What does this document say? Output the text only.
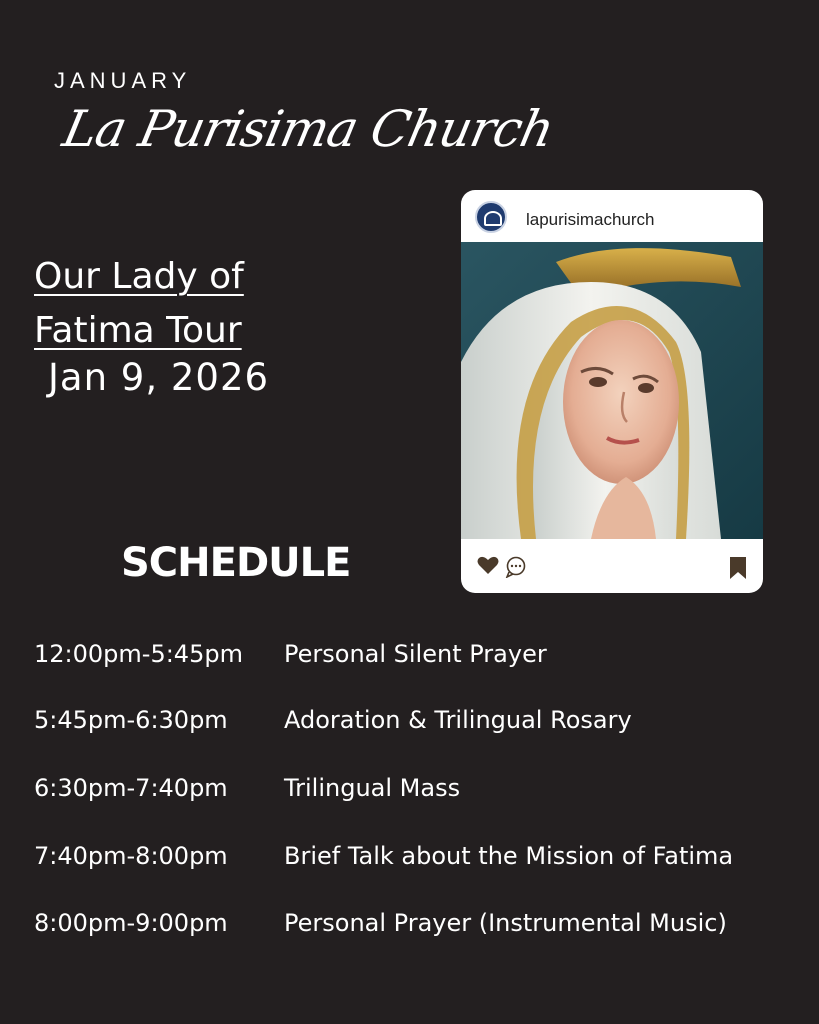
JANUARY
La Purisima Church
Our Lady of
Fatima Tour
Jan 9, 2026
lapurisimachurch
SCHEDULE
12:00pm-5:45pm Personal Silent Prayer
5:45pm-6:30pm Adoration & Trilingual Rosary
6:30pm-7:40pm Trilingual Mass
7:40pm-8:00pm Brief Talk about the Mission of Fatima
8:00pm-9:00pm Personal Prayer (Instrumental Music)
